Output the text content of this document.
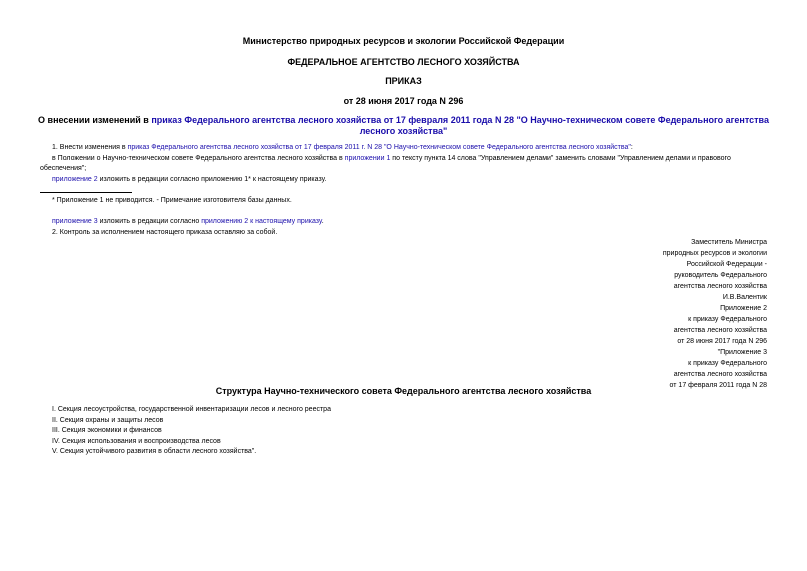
Министерство природных ресурсов и экологии Российской Федерации
ФЕДЕРАЛЬНОЕ АГЕНТСТВО ЛЕСНОГО ХОЗЯЙСТВА
ПРИКАЗ
от 28 июня 2017 года N 296
О внесении изменений в приказ Федерального агентства лесного хозяйства от 17 февраля 2011 года N 28 "О Научно-техническом совете Федерального агентства
лесного хозяйства"
1. Внести изменения в приказ Федерального агентства лесного хозяйства от 17 февраля 2011 г. N 28 "О Научно-техническом совете Федерального агентства лесного хозяйства":
в Положении о Научно-техническом совете Федерального агентства лесного хозяйства в приложении 1 по тексту пункта 14 слова "Управлением делами" заменить словами "Управлением делами и правового
обеспечения";
приложение 2 изложить в редакции согласно приложению 1* к настоящему приказу.
* Приложение 1 не приводится. - Примечание изготовителя базы данных.
приложение 3 изложить в редакции согласно приложению 2 к настоящему приказу.
2. Контроль за исполнением настоящего приказа оставляю за собой.
Заместитель Министра
природных ресурсов и экологии
Российской Федерации -
руководитель Федерального
агентства лесного хозяйства
И.В.Валентик
Приложение 2
к приказу Федерального
агентства лесного хозяйства
от 28 июня 2017 года N 296
"Приложение 3
к приказу Федерального
агентства лесного хозяйства
от 17 февраля 2011 года N 28
Структура Научно-технического совета Федерального агентства лесного хозяйства
I. Секция лесоустройства, государственной инвентаризации лесов и лесного реестра
II. Секция охраны и защиты лесов
III. Секция экономики и финансов
IV. Секция использования и воспроизводства лесов
V. Секция устойчивого развития в области лесного хозяйства".
